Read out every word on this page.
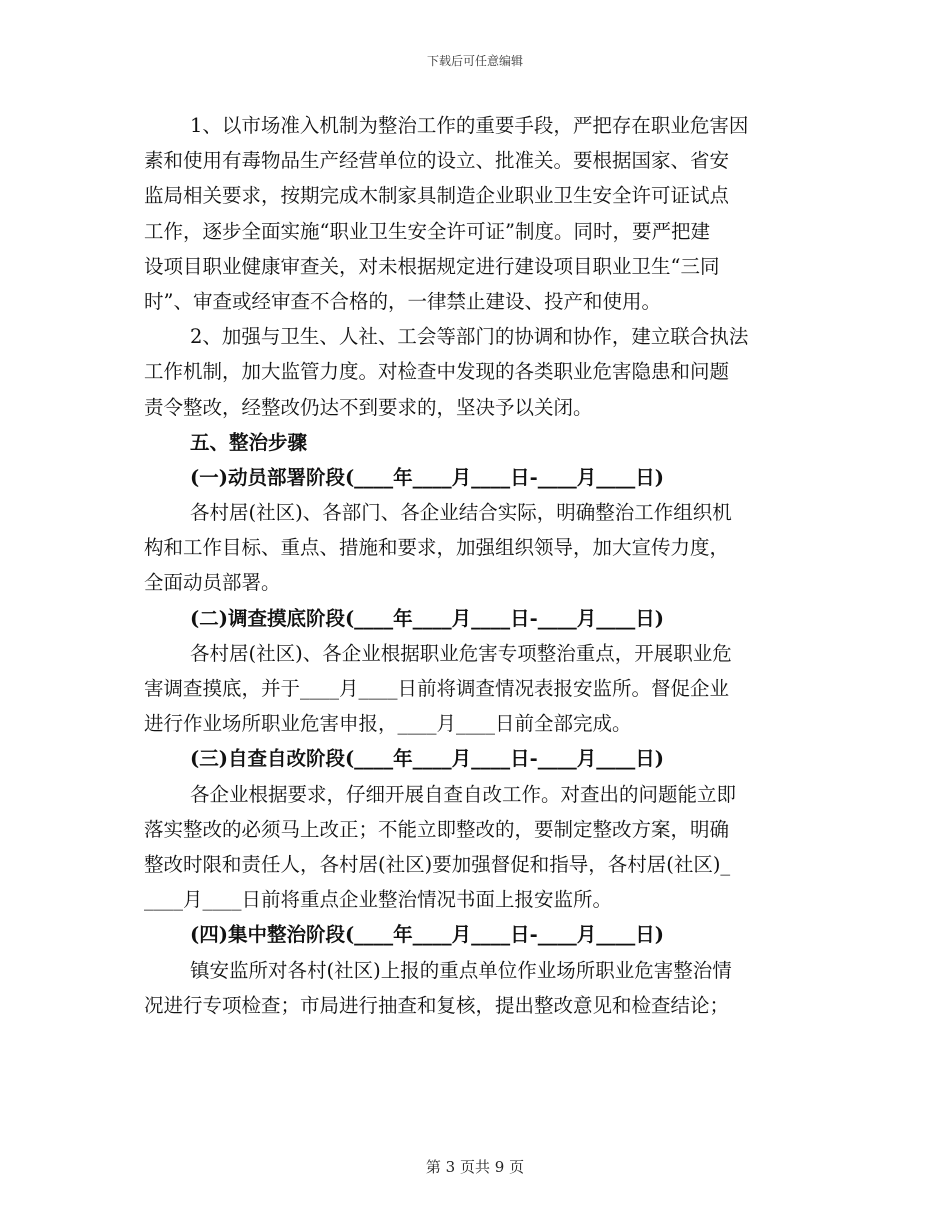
下载后可任意编辑
1、以市场准入机制为整治工作的重要手段，严把存在职业危害因
素和使用有毒物品生产经营单位的设立、批准关。要根据国家、省安
监局相关要求，按期完成木制家具制造企业职业卫生安全许可证试点
工作，逐步全面实施“职业卫生安全许可证”制度。同时，要严把建
设项目职业健康审查关，对未根据规定进行建设项目职业卫生“三同
时”、审查或经审查不合格的，一律禁止建设、投产和使用。
2、加强与卫生、人社、工会等部门的协调和协作，建立联合执法
工作机制，加大监管力度。对检查中发现的各类职业危害隐患和问题
责令整改，经整改仍达不到要求的，坚决予以关闭。
五、整治步骤
(一)动员部署阶段(____年____月____日-____月____日)
各村居(社区)、各部门、各企业结合实际，明确整治工作组织机
构和工作目标、重点、措施和要求，加强组织领导，加大宣传力度，
全面动员部署。
(二)调查摸底阶段(____年____月____日-____月____日)
各村居(社区)、各企业根据职业危害专项整治重点，开展职业危
害调查摸底，并于____月____日前将调查情况表报安监所。督促企业
进行作业场所职业危害申报，____月____日前全部完成。
(三)自查自改阶段(____年____月____日-____月____日)
各企业根据要求，仔细开展自查自改工作。对查出的问题能立即
落实整改的必须马上改正；不能立即整改的，要制定整改方案，明确
整改时限和责任人，各村居(社区)要加强督促和指导，各村居(社区)_
____月____日前将重点企业整治情况书面上报安监所。
(四)集中整治阶段(____年____月____日-____月____日)
镇安监所对各村(社区)上报的重点单位作业场所职业危害整治情
况进行专项检查；市局进行抽查和复核，提出整改意见和检查结论；
第 3 页共 9 页
